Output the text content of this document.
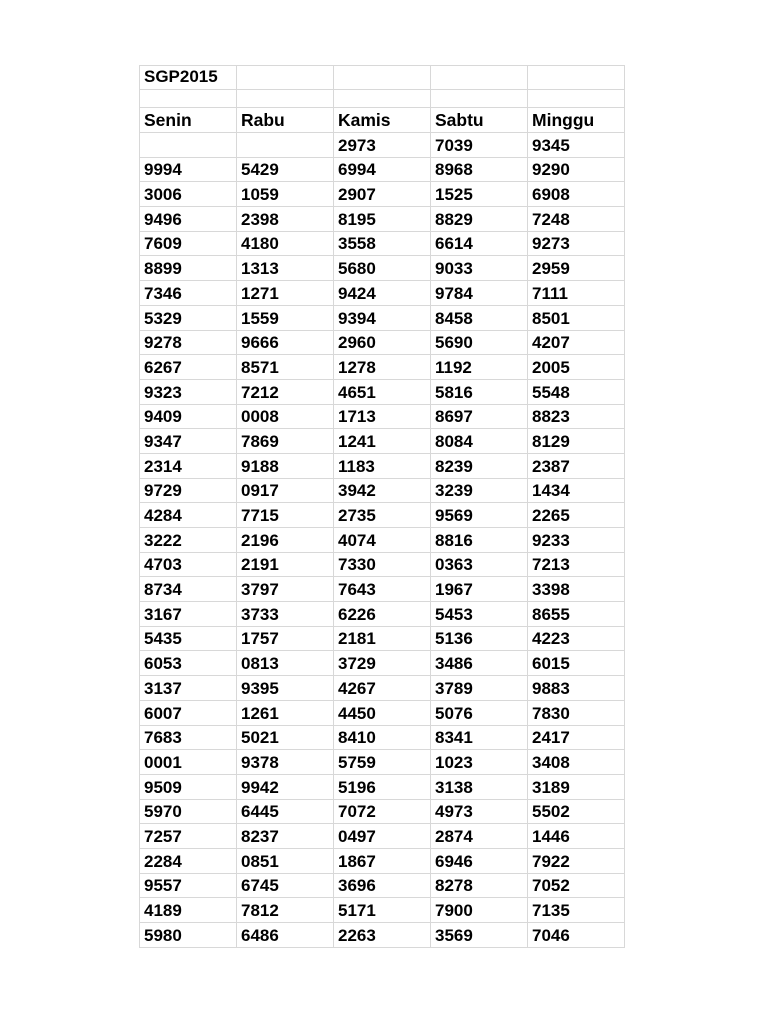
SGP2015				

Senin	Rabu	Kamis	Sabtu	Minggu
		2973	7039	9345
9994	5429	6994	8968	9290
3006	1059	2907	1525	6908
9496	2398	8195	8829	7248
7609	4180	3558	6614	9273
8899	1313	5680	9033	2959
7346	1271	9424	9784	7111
5329	1559	9394	8458	8501
9278	9666	2960	5690	4207
6267	8571	1278	1192	2005
9323	7212	4651	5816	5548
9409	0008	1713	8697	8823
9347	7869	1241	8084	8129
2314	9188	1183	8239	2387
9729	0917	3942	3239	1434
4284	7715	2735	9569	2265
3222	2196	4074	8816	9233
4703	2191	7330	0363	7213
8734	3797	7643	1967	3398
3167	3733	6226	5453	8655
5435	1757	2181	5136	4223
6053	0813	3729	3486	6015
3137	9395	4267	3789	9883
6007	1261	4450	5076	7830
7683	5021	8410	8341	2417
0001	9378	5759	1023	3408
9509	9942	5196	3138	3189
5970	6445	7072	4973	5502
7257	8237	0497	2874	1446
2284	0851	1867	6946	7922
9557	6745	3696	8278	7052
4189	7812	5171	7900	7135
5980	6486	2263	3569	7046
